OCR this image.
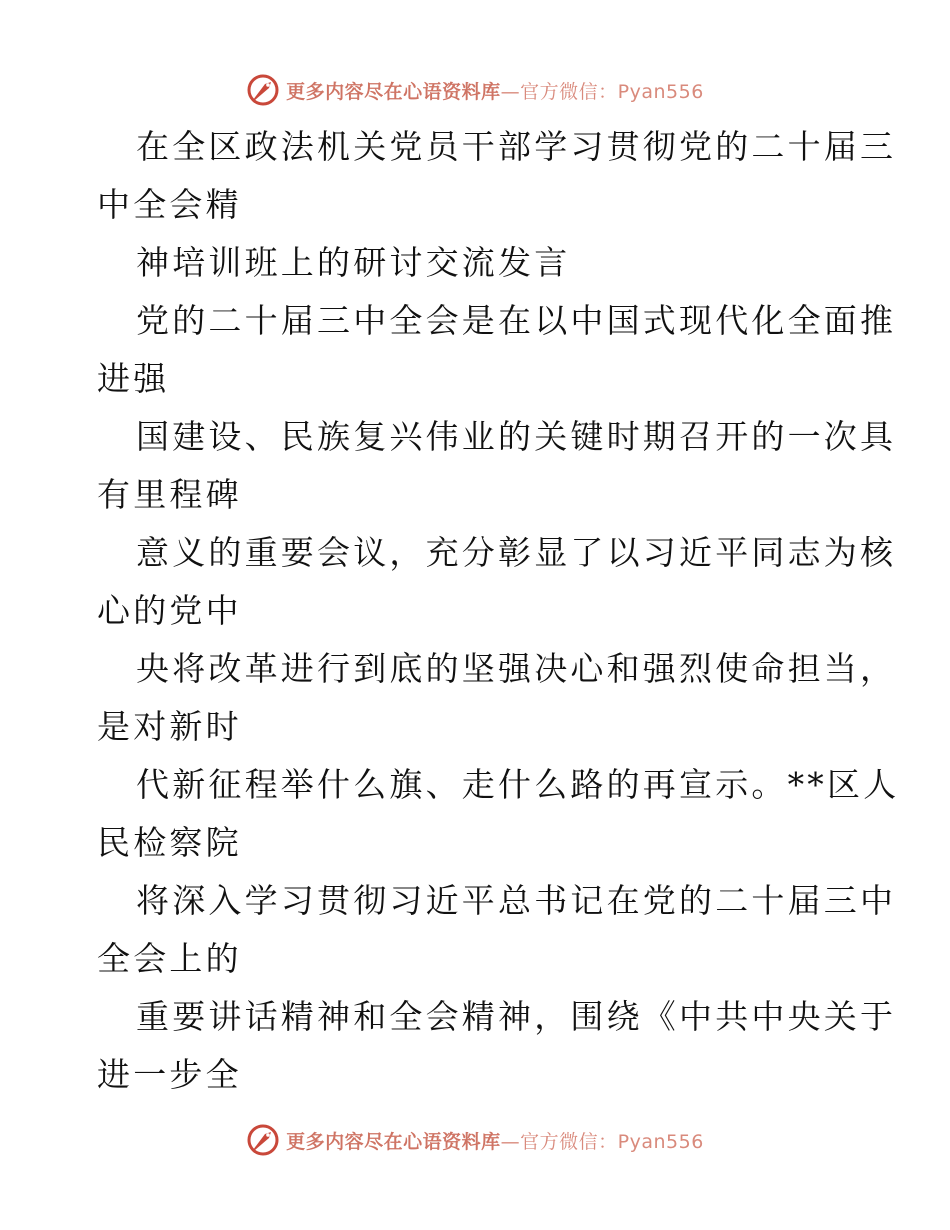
更多内容尽在心语资料库—官方微信：Pyan556
在全区政法机关党员干部学习贯彻党的二十届三
中全会精
神培训班上的研讨交流发言
党的二十届三中全会是在以中国式现代化全面推
进强
国建设、民族复兴伟业的关键时期召开的一次具
有里程碑
意义的重要会议，充分彰显了以习近平同志为核
心的党中
央将改革进行到底的坚强决心和强烈使命担当，
是对新时
代新征程举什么旗、走什么路的再宣示。**区人
民检察院
将深入学习贯彻习近平总书记在党的二十届三中
全会上的
重要讲话精神和全会精神，围绕《中共中央关于
进一步全
更多内容尽在心语资料库—官方微信：Pyan556
